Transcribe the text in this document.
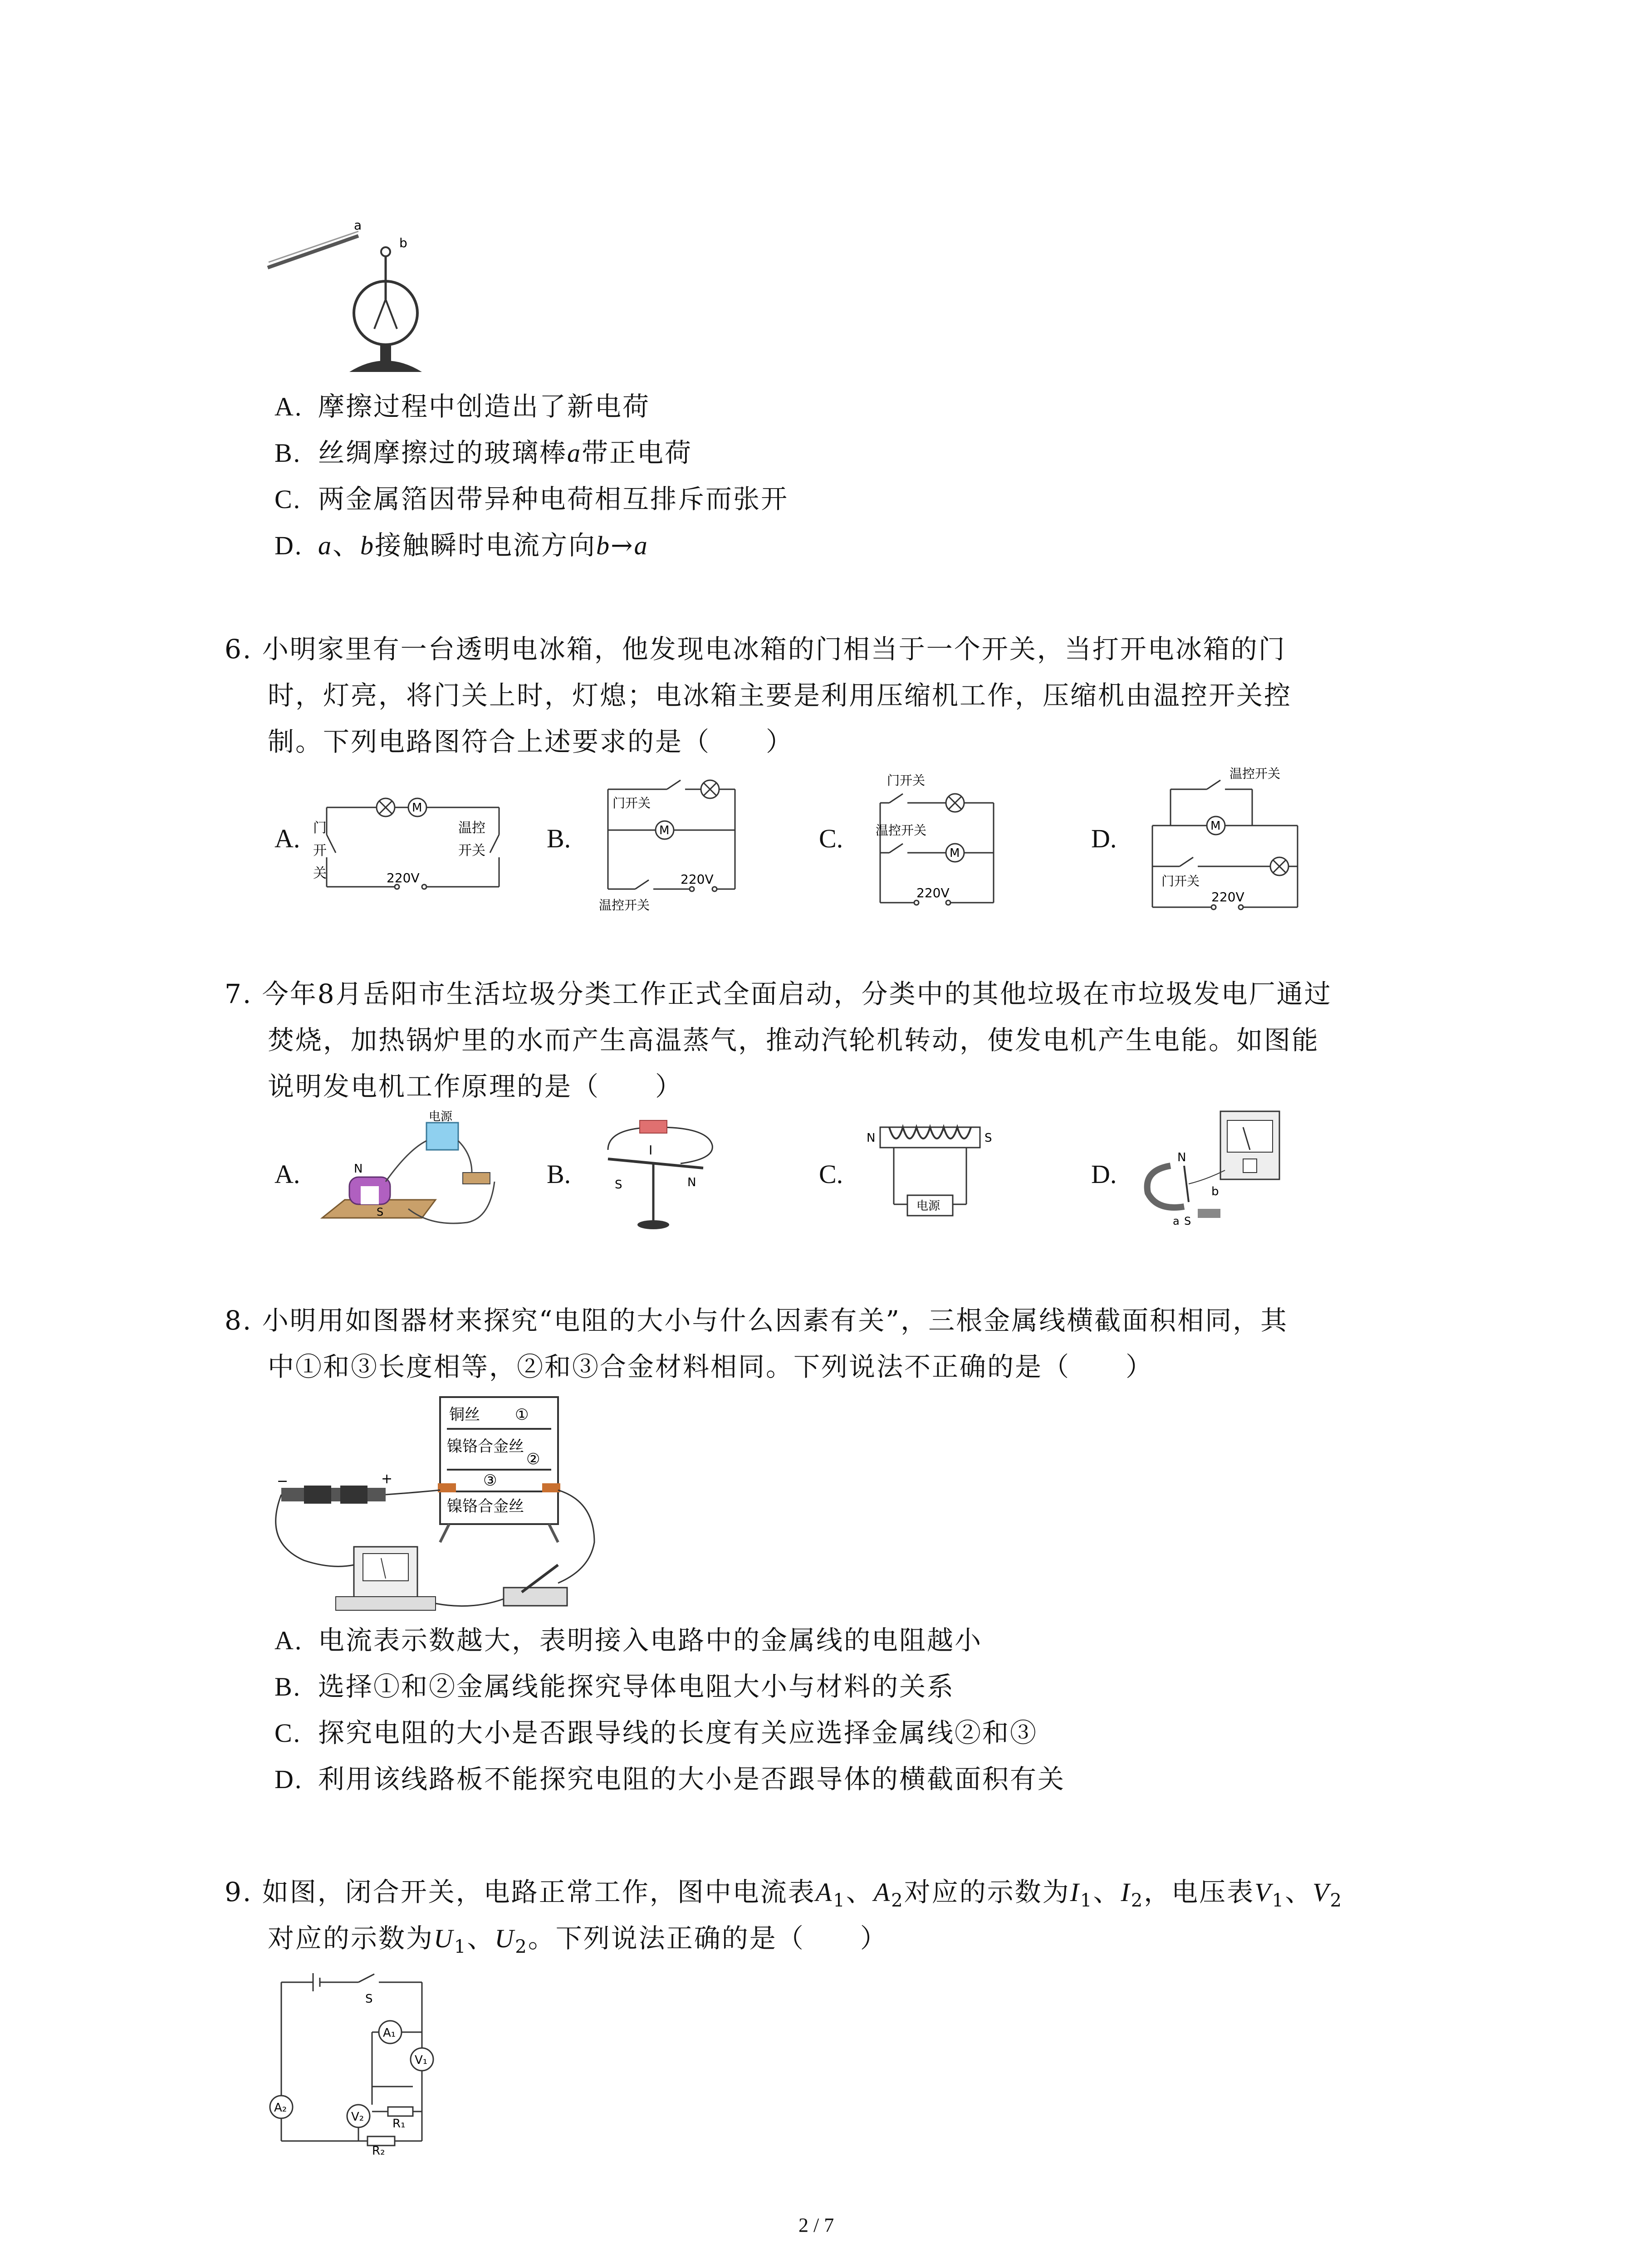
a
b
A. 摩擦过程中创造出了新电荷
B. 丝绸摩擦过的玻璃棒a带正电荷
C. 两金属箔因带异种电荷相互排斥而张开
D. a、b接触瞬时电流方向b→a
6. 小明家里有一台透明电冰箱，他发现电冰箱的门相当于一个开关，当打开电冰箱的门
时，灯亮，将门关上时，灯熄；电冰箱主要是利用压缩机工作，压缩机由温控开关控
制。下列电路图符合上述要求的是（　　）
A.	B.	C.	D.
M
门
开
关
温控
开关
220V
门开关
M
220V
温控开关
门开关
温控开关
M
220V
温控开关
M
门开关
220V
7. 今年8月岳阳市生活垃圾分类工作正式全面启动，分类中的其他垃圾在市垃圾发电厂通过
焚烧，加热锅炉里的水而产生高温蒸气，推动汽轮机转动，使发电机产生电能。如图能
说明发电机工作原理的是（　　）
A.	B.	C.	D.
电源
N
S
I
S	N
N	S
电源
N
b
a S
8. 小明用如图器材来探究“电阻的大小与什么因素有关”，三根金属线横截面积相同，其
中①和③长度相等，②和③合金材料相同。下列说法不正确的是（　　）
铜丝 ①
镍铬合金丝
②
③
镍铬合金丝
−	+
A. 电流表示数越大，表明接入电路中的金属线的电阻越小
B. 选择①和②金属线能探究导体电阻大小与材料的关系
C. 探究电阻的大小是否跟导线的长度有关应选择金属线②和③
D. 利用该线路板不能探究电阻的大小是否跟导体的横截面积有关
9. 如图，闭合开关，电路正常工作，图中电流表$A_1$、$A_2$对应的示数为$I_1$、$I_2$，电压表$V_1$、$V_2$
对应的示数为$U_1$、$U_2$。下列说法正确的是（　　）
S
A₁
V₁
A₂
V₂ R₁
R₂
2 / 7
